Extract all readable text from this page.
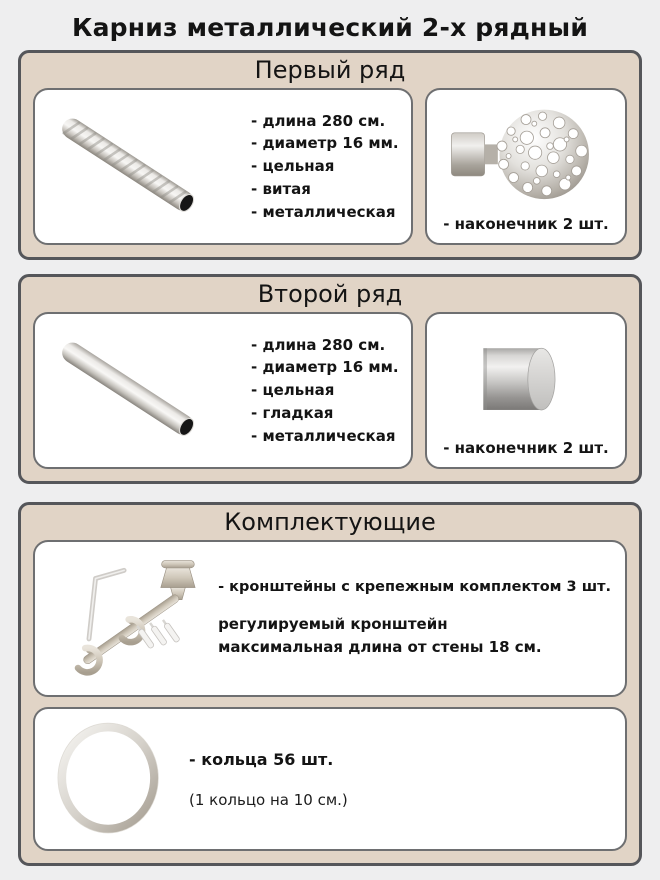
Карниз металлический 2-х рядный
Первый ряд
- длина 280 см.
- диаметр 16 мм.
- цельная
- витая
- металлическая
- наконечник 2 шт.
Второй ряд
- длина 280 см.
- диаметр 16 мм.
- цельная
- гладкая
- металлическая
- наконечник 2 шт.
Комплектующие
- кронштейны с крепежным комплектом 3 шт.
регулируемый кронштейн
максимальная длина от стены 18 см.
- кольца 56 шт.
(1 кольцо на 10 см.)
